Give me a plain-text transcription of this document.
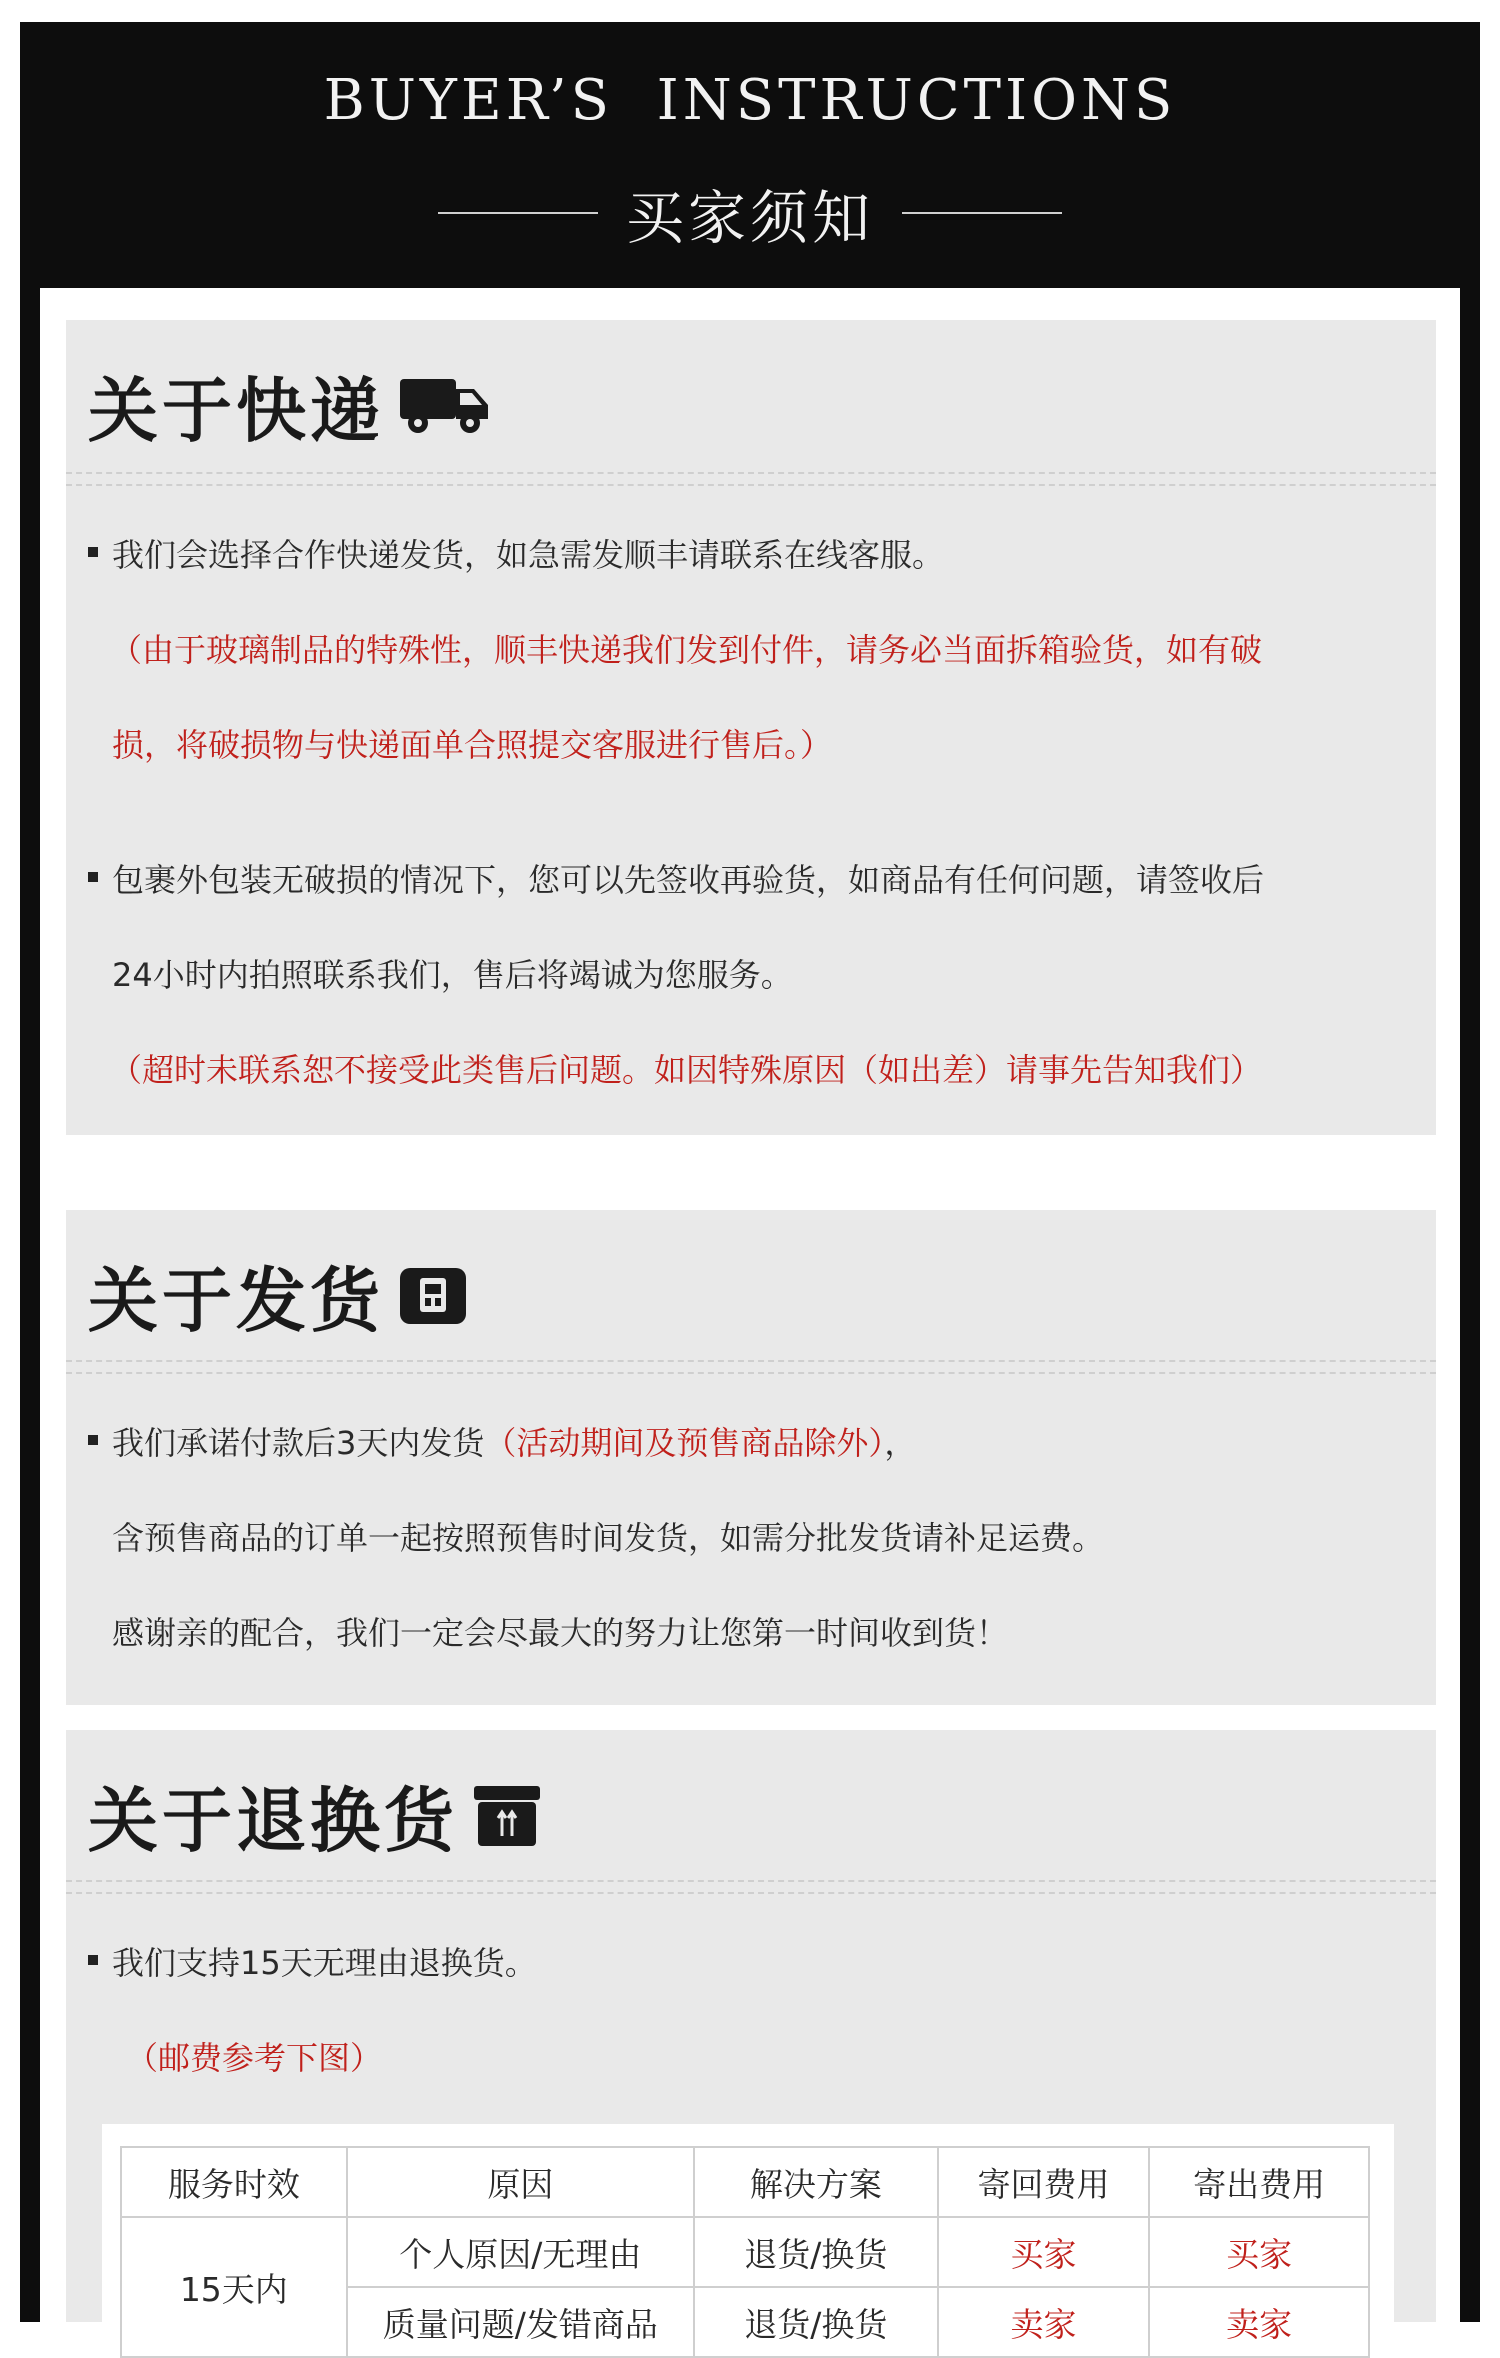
BUYER’S  INSTRUCTIONS
买家须知
关于快递
我们会选择合作快递发货，如急需发顺丰请联系在线客服。
（由于玻璃制品的特殊性，顺丰快递我们发到付件，请务必当面拆箱验货，如有破
损，将破损物与快递面单合照提交客服进行售后。）
包裹外包装无破损的情况下，您可以先签收再验货，如商品有任何问题，请签收后
24小时内拍照联系我们，售后将竭诚为您服务。
（超时未联系恕不接受此类售后问题。如因特殊原因（如出差）请事先告知我们）
关于发货
我们承诺付款后3天内发货（活动期间及预售商品除外），
含预售商品的订单一起按照预售时间发货，如需分批发货请补足运费。
感谢亲的配合，我们一定会尽最大的努力让您第一时间收到货！
关于退换货
我们支持15天无理由退换货。
（邮费参考下图）
服务时效	原因	解决方案	寄回费用	寄出费用
15天内	个人原因/无理由	退货/换货	买家	买家
	质量问题/发错商品	退货/换货	卖家	卖家
